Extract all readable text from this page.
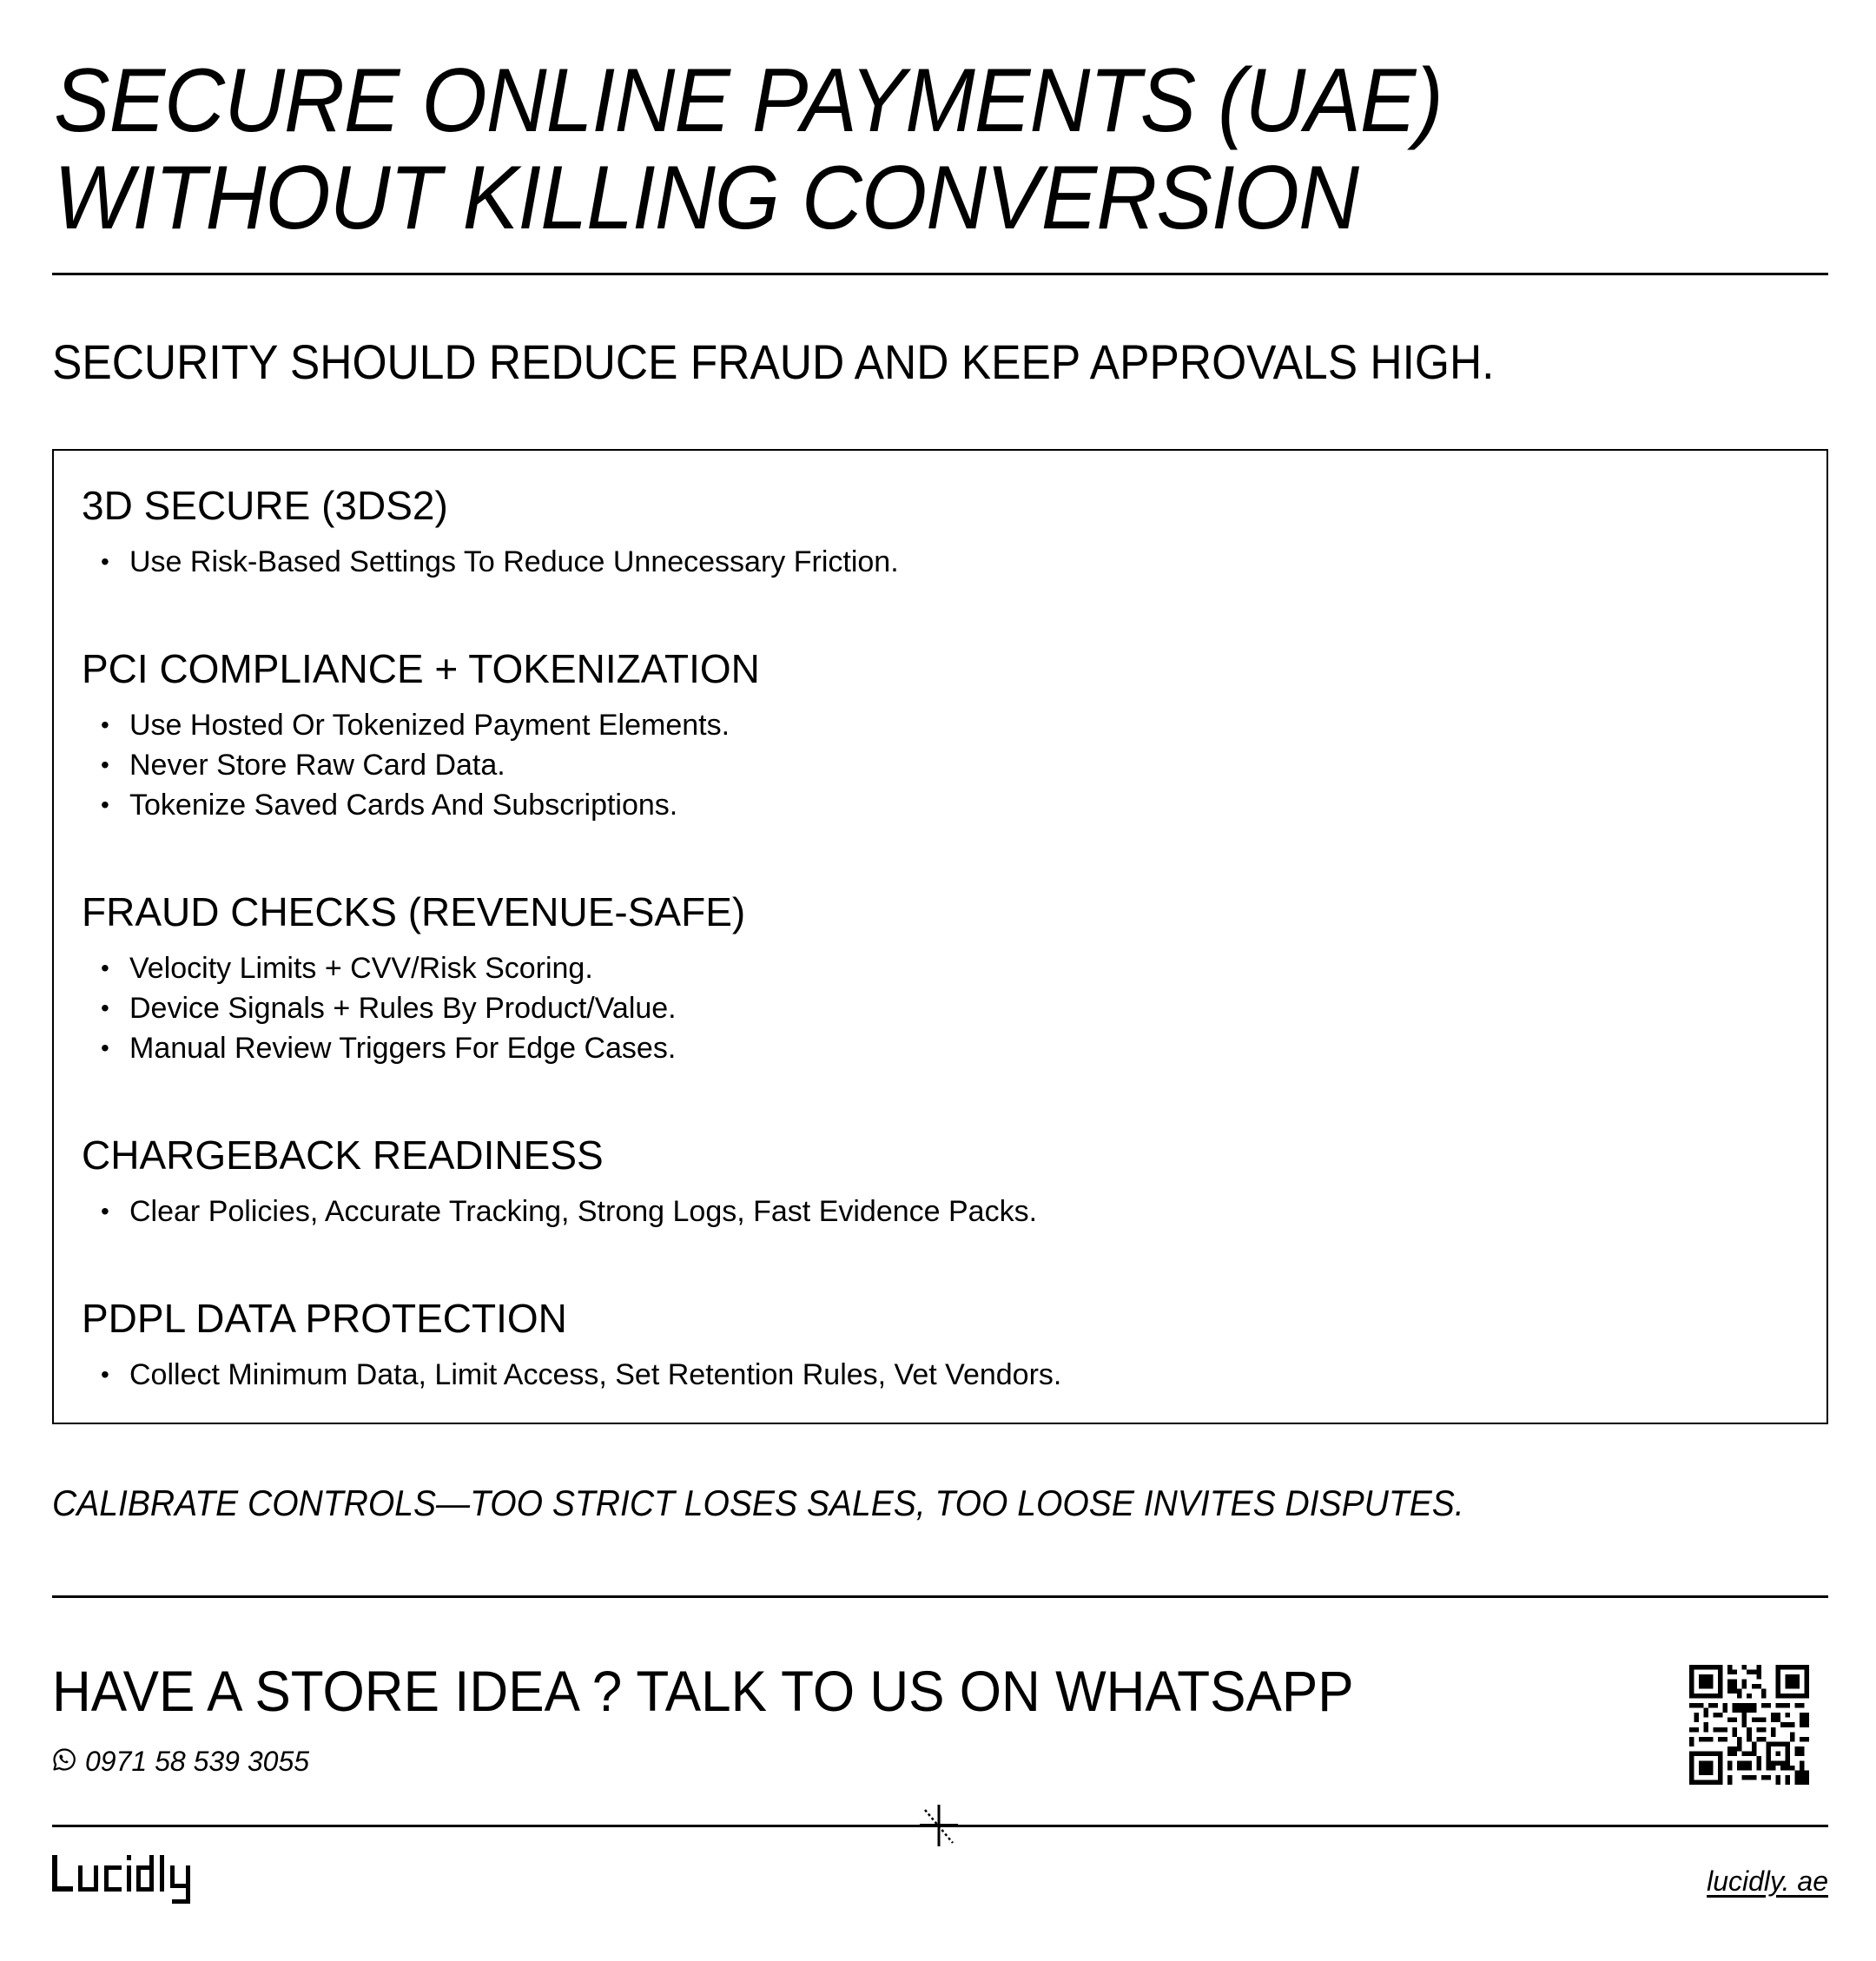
SECURE ONLINE PAYMENTS (UAE)
WITHOUT KILLING CONVERSION

SECURITY SHOULD REDUCE FRAUD AND KEEP APPROVALS HIGH.

3D SECURE (3DS2)
• Use Risk-Based Settings To Reduce Unnecessary Friction.
PCI COMPLIANCE + TOKENIZATION
• Use Hosted Or Tokenized Payment Elements.
• Never Store Raw Card Data.
• Tokenize Saved Cards And Subscriptions.
FRAUD CHECKS (REVENUE-SAFE)
• Velocity Limits + CVV/Risk Scoring.
• Device Signals + Rules By Product/Value.
• Manual Review Triggers For Edge Cases.
CHARGEBACK READINESS
• Clear Policies, Accurate Tracking, Strong Logs, Fast Evidence Packs.
PDPL DATA PROTECTION
• Collect Minimum Data, Limit Access, Set Retention Rules, Vet Vendors.

CALIBRATE CONTROLS—TOO STRICT LOSES SALES, TOO LOOSE INVITES DISPUTES.

HAVE A STORE IDEA ? TALK TO US ON WHATSAPP

0971 58 539 3055
lucidly. ae
